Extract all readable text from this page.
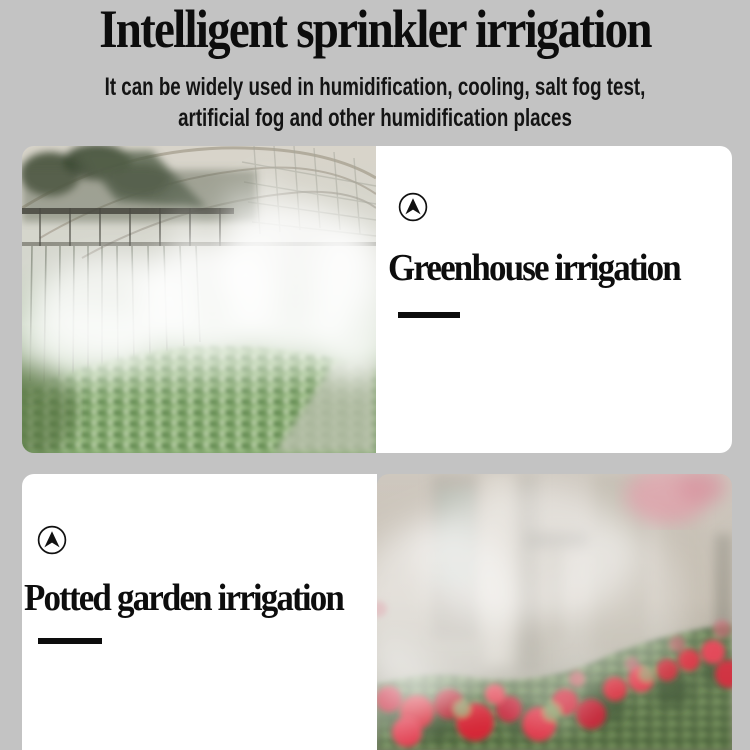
Intelligent sprinkler irrigation
It can be widely used in humidification, cooling, salt fog test,
artificial fog and other humidification places
Greenhouse irrigation
Potted garden irrigation
